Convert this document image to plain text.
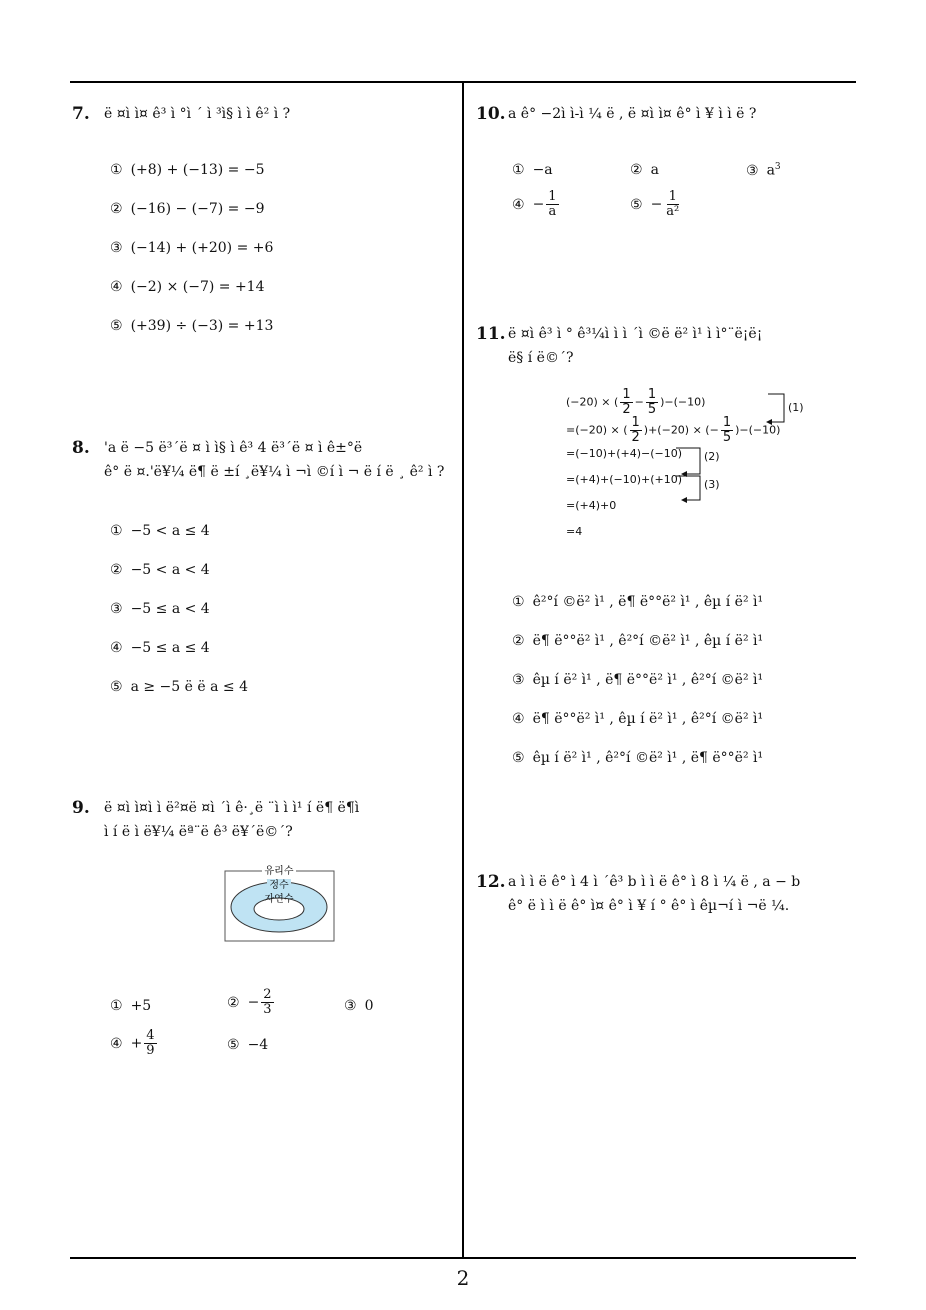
7.	ë ¤ì ì¤ ê³ ì °ì ´ ì ³ì§ ì ì ê² ì ?
① (+8) + (−13) = −5
② (−16) − (−7) = −9
③ (−14) + (+20) = +6
④ (−2) × (−7) = +14
⑤ (+39) ÷ (−3) = +13
8.	'a ë −5 ë³´ë ¤ ì ì§ ì ê³ 4 ë³´ë ¤ ì ê±°ë
ê° ë ¤.'ë¥¼ ë¶ ë ±í ¸ë¥¼ ì ¬ì ©í ì ¬ ë í ë ¸ ê² ì ?
① −5 < a ≤ 4
② −5 < a < 4
③ −5 ≤ a < 4
④ −5 ≤ a ≤ 4
⑤ a ≥ −5 ë ë a ≤ 4
9.	ë ¤ì ì¤ì ì ë²¤ë ¤ì ´ì ê·¸ë ¨ì ì ì¹ í ë¶ ë¶ì
ì í ë ì ë¥¼ ëª¨ë ê³ ë¥´ë©´?
유리수
정수
자연수
① +5	② − $\frac{2}{3}$	③ 0
④ + $\frac{4}{9}$	⑤ −4
10. a ê° −2ì ì-ì ¼ ë , ë ¤ì ì¤ ê° ì ¥ ì ì ë ?
① −a	② a	③ $a^3$
④ − $\frac{1}{a}$	⑤ − $\frac{1}{\text{a²}}$
11. ë ¤ì ê³ ì ° ê³¼ì ì ì ´ì ©ë ë² ì¹ ì ì°¨ë¡ë¡
ë§ í ë©´?
(−20) × ( $\frac{1}{2} - \frac{1}{5} )-(-10)$
=(−20) × ( $\frac{1}{2} )+(-20)$ × (− $\frac{1}{5} )-(-10)$
=(−10)+(+4)−(−10)
=(+4)+(−10)+(+10)
=(+4)+0
=4
(1)
(2)
(3)
① ê²°í ©ë² ì¹ , ë¶ ë°°ë² ì¹ , êµ í ë² ì¹
② ë¶ ë°°ë² ì¹ , ê²°í ©ë² ì¹ , êµ í ë² ì¹
③ êµ í ë² ì¹ , ë¶ ë°°ë² ì¹ , ê²°í ©ë² ì¹
④ ë¶ ë°°ë² ì¹ , êµ í ë² ì¹ , ê²°í ©ë² ì¹
⑤ êµ í ë² ì¹ , ê²°í ©ë² ì¹ , ë¶ ë°°ë² ì¹
12. a ì ì ë ê° ì 4 ì ´ê³ b ì ì ë ê° ì 8 ì ¼ ë , a − b
ê° ë ì ì ë ê° ì¤ ê° ì ¥ í ° ê° ì êµ¬í ì ¬ë ¼.
2
